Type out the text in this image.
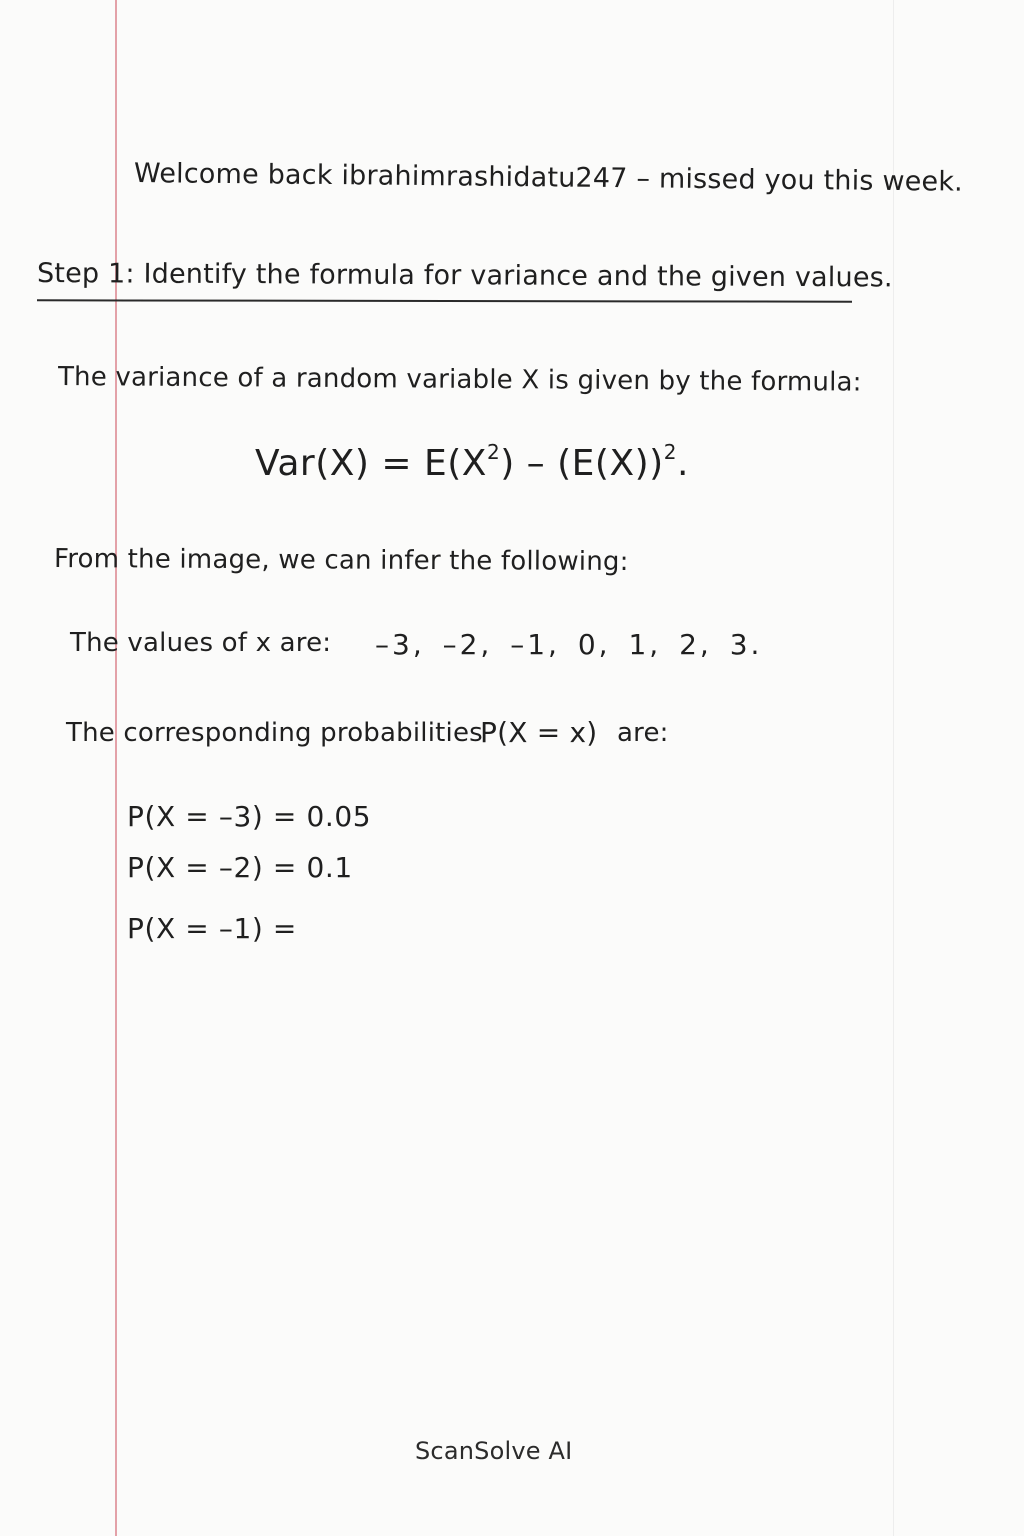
Welcome back ibrahimrashidatu247 – missed you this week.
Step 1: Identify the formula for variance and the given values.
The variance of a random variable X is given by the formula:
$Var(X) = E(X^2) - (E(X))^2$.
From the image, we can infer the following:
The values of x are: –3, –2, –1, 0, 1, 2, 3.
The corresponding probabilities
P(X = x) are:
P(X = –3) = 0.05
P(X = –2) = 0.1
P(X = –1) =
ScanSolve AI
